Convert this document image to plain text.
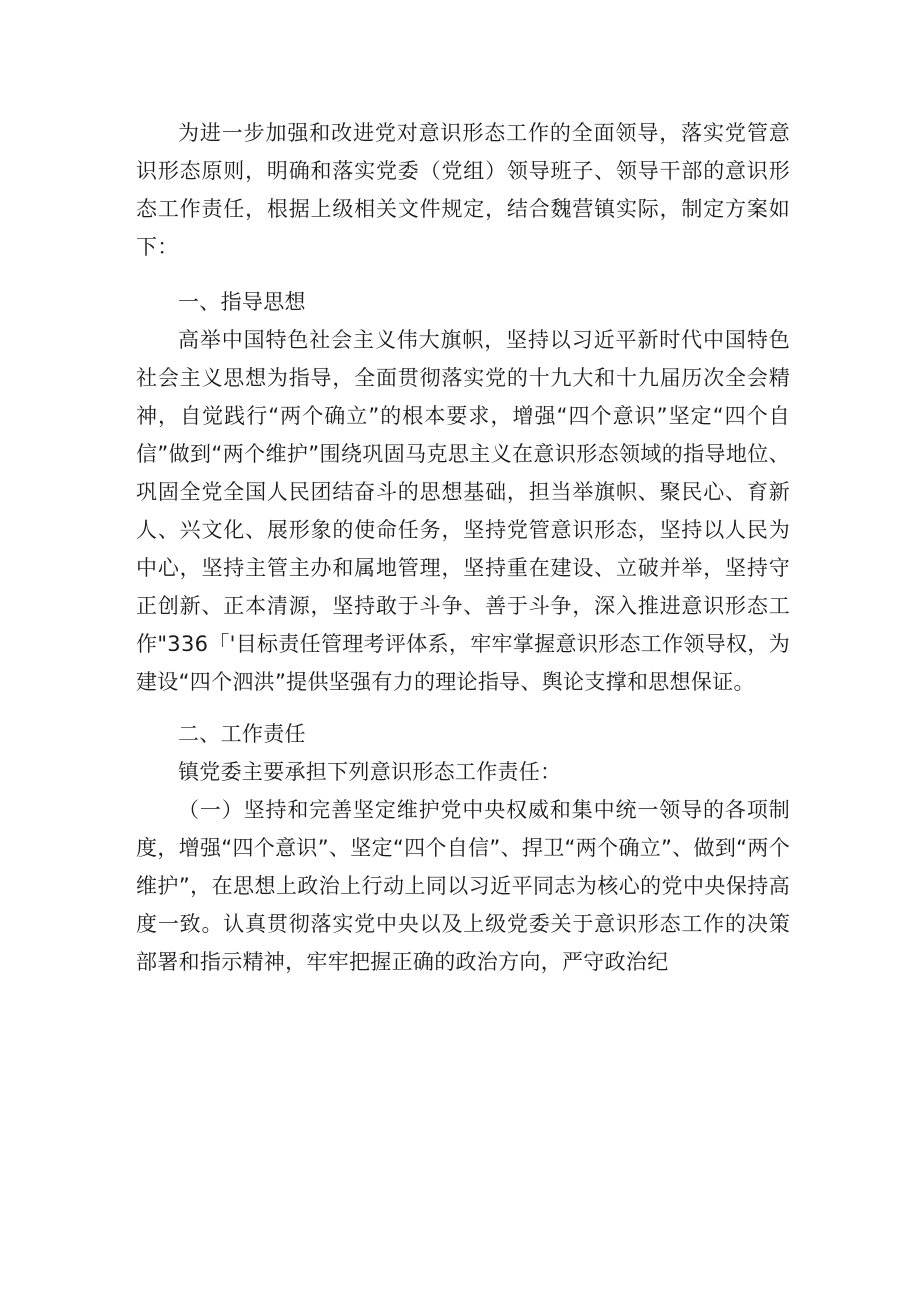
为进一步加强和改进党对意识形态工作的全面领导，落实党管意识形态原则，明确和落实党委（党组）领导班子、领导干部的意识形态工作责任，根据上级相关文件规定，结合魏营镇实际，制定方案如下：

一、指导思想

高举中国特色社会主义伟大旗帜，坚持以习近平新时代中国特色社会主义思想为指导，全面贯彻落实党的十九大和十九届历次全会精神，自觉践行“两个确立”的根本要求，增强“四个意识”坚定“四个自信”做到“两个维护”围绕巩固马克思主义在意识形态领域的指导地位、巩固全党全国人民团结奋斗的思想基础，担当举旗帜、聚民心、育新人、兴文化、展形象的使命任务，坚持党管意识形态，坚持以人民为中心，坚持主管主办和属地管理，坚持重在建设、立破并举，坚持守正创新、正本清源，坚持敢于斗争、善于斗争，深入推进意识形态工作"336「'目标责任管理考评体系，牢牢掌握意识形态工作领导权，为建设“四个泗洪”提供坚强有力的理论指导、舆论支撑和思想保证。

二、工作责任

镇党委主要承担下列意识形态工作责任：

（一）坚持和完善坚定维护党中央权威和集中统一领导的各项制度，增强“四个意识”、坚定“四个自信”、捍卫“两个确立”、做到“两个维护”，在思想上政治上行动上同以习近平同志为核心的党中央保持高度一致。认真贯彻落实党中央以及上级党委关于意识形态工作的决策部署和指示精神，牢牢把握正确的政治方向，严守政治纪
